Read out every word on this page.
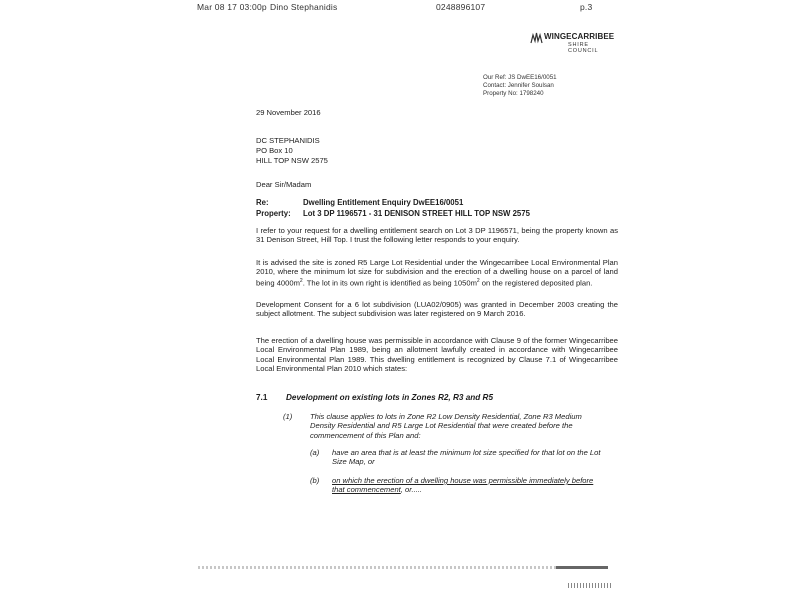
Mar 08 17 03:00p Dino Stephanidis	0248896107	p.3
WINGECARRIBEE
SHIRE COUNCIL
Our Ref: JS DwEE16/0051
Contact: Jennifer Soulsan
Property No: 1798240
29 November 2016
DC STEPHANIDIS
PO Box 10
HILL TOP NSW 2575
Dear Sir/Madam
Re:	Dwelling Entitlement Enquiry DwEE16/0051
Property: Lot 3 DP 1196571 - 31 DENISON STREET HILL TOP NSW 2575

I refer to your request for a dwelling entitlement search on Lot 3 DP 1196571, being the property known as 31 Denison Street, Hill Top. I trust the following letter responds to your enquiry.

It is advised the site is zoned R5 Large Lot Residential under the Wingecarribee Local Environmental Plan 2010, where the minimum lot size for subdivision and the erection of a dwelling house on a parcel of land being $4000m^2$. The lot in its own right is identified as being $1050m^2$ on the registered deposited plan.

Development Consent for a 6 lot subdivision (LUA02/0905) was granted in December 2003 creating the subject allotment. The subject subdivision was later registered on 9 March 2016.

The erection of a dwelling house was permissible in accordance with Clause 9 of the former Wingecarribee Local Environmental Plan 1989, being an allotment lawfully created in accordance with Wingecarribee Local Environmental Plan 1989. This dwelling entitlement is recognized by Clause 7.1 of Wingecarribee Local Environmental Plan 2010 which states:

7.1 Development on existing lots in Zones R2, R3 and R5
(1) This clause applies to lots in Zone R2 Low Density Residential, Zone R3 Medium Density Residential and R5 Large Lot Residential that were created before the commencement of this Plan and:

(a) have an area that is at least the minimum lot size specified for that lot on the Lot Size Map, or

(b) on which the erection of a dwelling house was permissible immediately before that commencement, or.....
